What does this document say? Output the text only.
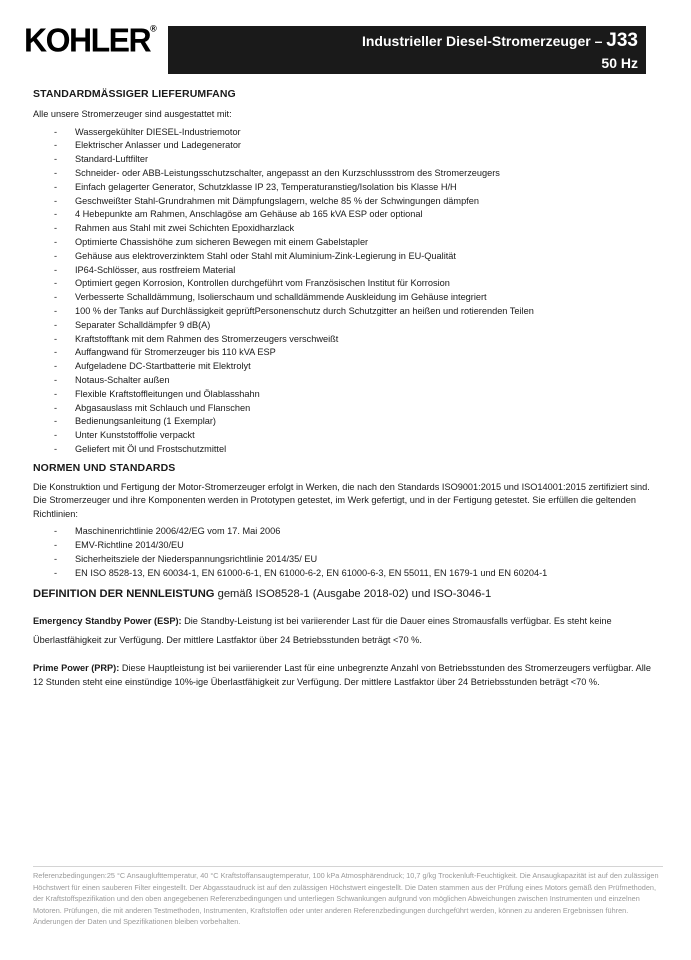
KOHLER®
Industrieller Diesel-Stromerzeuger – J33
50 Hz
STANDARDMÄSSIGER LIEFERUMFANG

Alle unsere Stromerzeuger sind ausgestattet mit:

- Wassergekühlter DIESEL-Industriemotor
- Elektrischer Anlasser und Ladegenerator
- Standard-Luftfilter
- Schneider- oder ABB-Leistungsschutzschalter, angepasst an den Kurzschlussstrom des Stromerzeugers
- Einfach gelagerter Generator, Schutzklasse IP 23, Temperaturanstieg/Isolation bis Klasse H/H
- Geschweißter Stahl-Grundrahmen mit Dämpfungslagern, welche 85 % der Schwingungen dämpfen
- 4 Hebepunkte am Rahmen, Anschlagöse am Gehäuse ab 165 kVA ESP oder optional
- Rahmen aus Stahl mit zwei Schichten Epoxidharzlack
- Optimierte Chassishöhe zum sicheren Bewegen mit einem Gabelstapler
- Gehäuse aus elektroverzinktem Stahl oder Stahl mit Aluminium-Zink-Legierung in EU-Qualität
- IP64-Schlösser, aus rostfreiem Material
- Optimiert gegen Korrosion, Kontrollen durchgeführt vom Französischen Institut für Korrosion
- Verbesserte Schalldämmung, Isolierschaum und schalldämmende Auskleidung im Gehäuse integriert
- 100 % der Tanks auf Durchlässigkeit geprüftPersonenschutz durch Schutzgitter an heißen und rotierenden Teilen
- Separater Schalldämpfer 9 dB(A)
- Kraftstofftank mit dem Rahmen des Stromerzeugers verschweißt
- Auffangwand für Stromerzeuger bis 110 kVA ESP
- Aufgeladene DC-Startbatterie mit Elektrolyt
- Notaus-Schalter außen
- Flexible Kraftstoffleitungen und Ölablasshahn
- Abgasauslass mit Schlauch und Flanschen
- Bedienungsanleitung (1 Exemplar)
- Unter Kunststofffolie verpackt
- Geliefert mit Öl und Frostschutzmittel
NORMEN UND STANDARDS

Die Konstruktion und Fertigung der Motor-Stromerzeuger erfolgt in Werken, die nach den Standards ISO9001:2015 und ISO14001:2015 zertifiziert sind. Die Stromerzeuger und ihre Komponenten werden in Prototypen getestet, im Werk gefertigt, und in der Fertigung getestet. Sie erfüllen die geltenden Richtlinien:

- Maschinenrichtlinie 2006/42/EG vom 17. Mai 2006
- EMV-Richtline 2014/30/EU
- Sicherheitsziele der Niederspannungsrichtlinie 2014/35/ EU
- EN ISO 8528-13, EN 60034-1, EN 61000-6-1, EN 61000-6-2, EN 61000-6-3, EN 55011, EN 1679-1 und EN 60204-1
DEFINITION DER NENNLEISTUNG gemäß ISO8528-1 (Ausgabe 2018-02) und ISO-3046-1

Emergency Standby Power (ESP): Die Standby-Leistung ist bei variierender Last für die Dauer eines Stromausfalls verfügbar. Es steht keine Überlastfähigkeit zur Verfügung. Der mittlere Lastfaktor über 24 Betriebsstunden beträgt <70 %.

Prime Power (PRP): Diese Hauptleistung ist bei variierender Last für eine unbegrenzte Anzahl von Betriebsstunden des Stromerzeugers verfügbar. Alle 12 Stunden steht eine einstündige 10%-ige Überlastfähigkeit zur Verfügung. Der mittlere Lastfaktor über 24 Betriebsstunden beträgt <70 %.

Referenzbedingungen:25 °C Ansauglufttemperatur, 40 °C Kraftstoffansaugtemperatur, 100 kPa Atmosphärendruck; 10,7 g/kg Trockenluft-Feuchtigkeit. Die Ansaugkapazität ist auf den zulässigen Höchstwert für einen sauberen Filter eingestellt. Der Abgasstaudruck ist auf den zulässigen Höchstwert eingestellt. Die Daten stammen aus der Prüfung eines Motors gemäß den Prüfmethoden, der Kraftstoffspezifikation und den oben angegebenen Referenzbedingungen und unterliegen Schwankungen aufgrund von möglichen Abweichungen zwischen Instrumenten und einzelnen Motoren. Prüfungen, die mit anderen Testmethoden, Instrumenten, Kraftstoffen oder unter anderen Referenzbedingungen durchgeführt werden, können zu anderen Ergebnissen führen. Änderungen der Daten und Spezifikationen bleiben vorbehalten.
